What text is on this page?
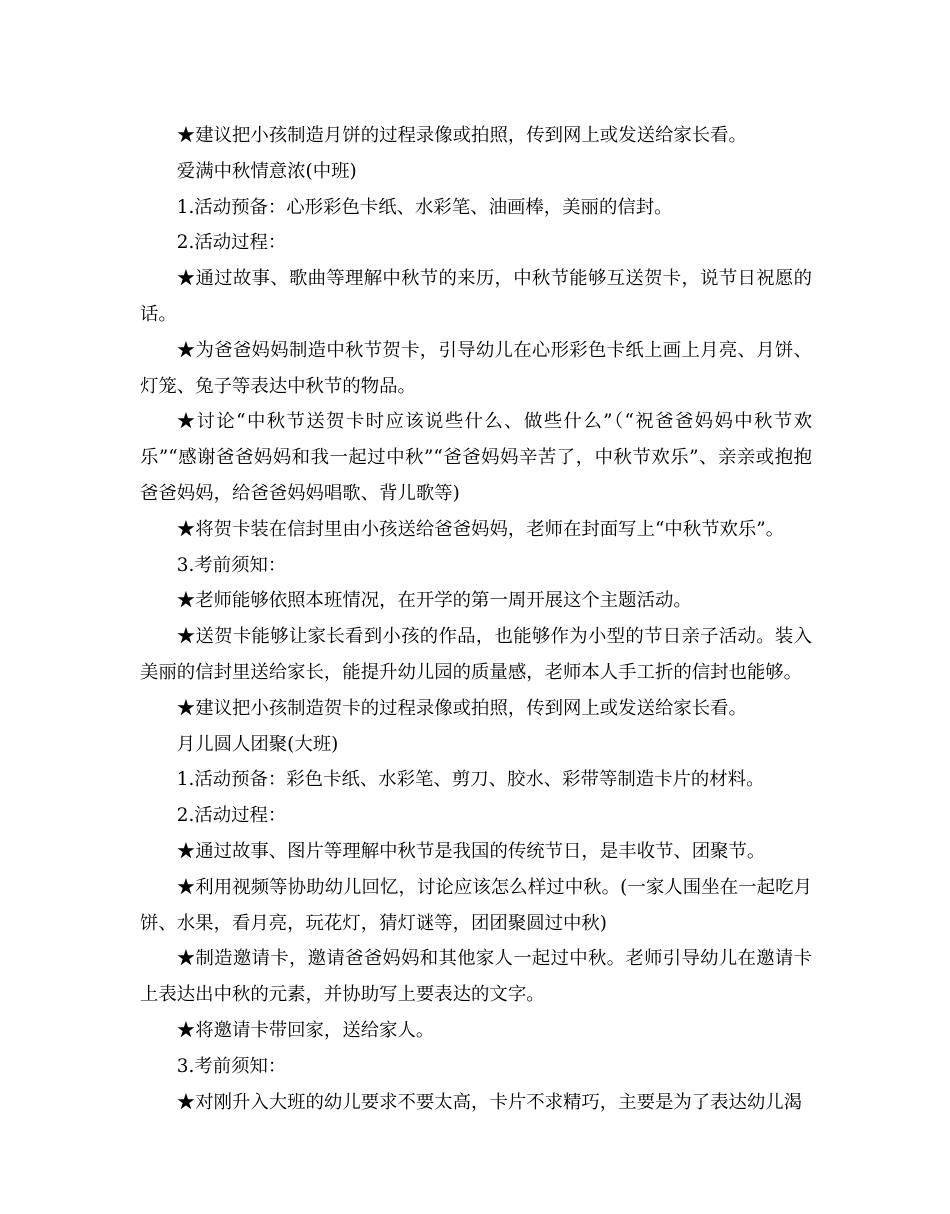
★建议把小孩制造月饼的过程录像或拍照，传到网上或发送给家长看。

爱满中秋情意浓(中班)

1.活动预备：心形彩色卡纸、水彩笔、油画棒，美丽的信封。

2.活动过程：

★通过故事、歌曲等理解中秋节的来历，中秋节能够互送贺卡，说节日祝愿的话。

★为爸爸妈妈制造中秋节贺卡，引导幼儿在心形彩色卡纸上画上月亮、月饼、灯笼、兔子等表达中秋节的物品。

★讨论“中秋节送贺卡时应该说些什么、做些什么”（“祝爸爸妈妈中秋节欢乐”“感谢爸爸妈妈和我一起过中秋”“爸爸妈妈辛苦了，中秋节欢乐”、亲亲或抱抱爸爸妈妈，给爸爸妈妈唱歌、背儿歌等)

★将贺卡装在信封里由小孩送给爸爸妈妈，老师在封面写上“中秋节欢乐”。

3.考前须知：

★老师能够依照本班情况，在开学的第一周开展这个主题活动。

★送贺卡能够让家长看到小孩的作品，也能够作为小型的节日亲子活动。装入美丽的信封里送给家长，能提升幼儿园的质量感，老师本人手工折的信封也能够。

★建议把小孩制造贺卡的过程录像或拍照，传到网上或发送给家长看。

月儿圆人团聚(大班)

1.活动预备：彩色卡纸、水彩笔、剪刀、胶水、彩带等制造卡片的材料。

2.活动过程：

★通过故事、图片等理解中秋节是我国的传统节日，是丰收节、团聚节。

★利用视频等协助幼儿回忆，讨论应该怎么样过中秋。(一家人围坐在一起吃月饼、水果，看月亮，玩花灯，猜灯谜等，团团聚圆过中秋)

★制造邀请卡，邀请爸爸妈妈和其他家人一起过中秋。老师引导幼儿在邀请卡上表达出中秋的元素，并协助写上要表达的文字。

★将邀请卡带回家，送给家人。

3.考前须知：

★对刚升入大班的幼儿要求不要太高，卡片不求精巧，主要是为了表达幼儿渴
